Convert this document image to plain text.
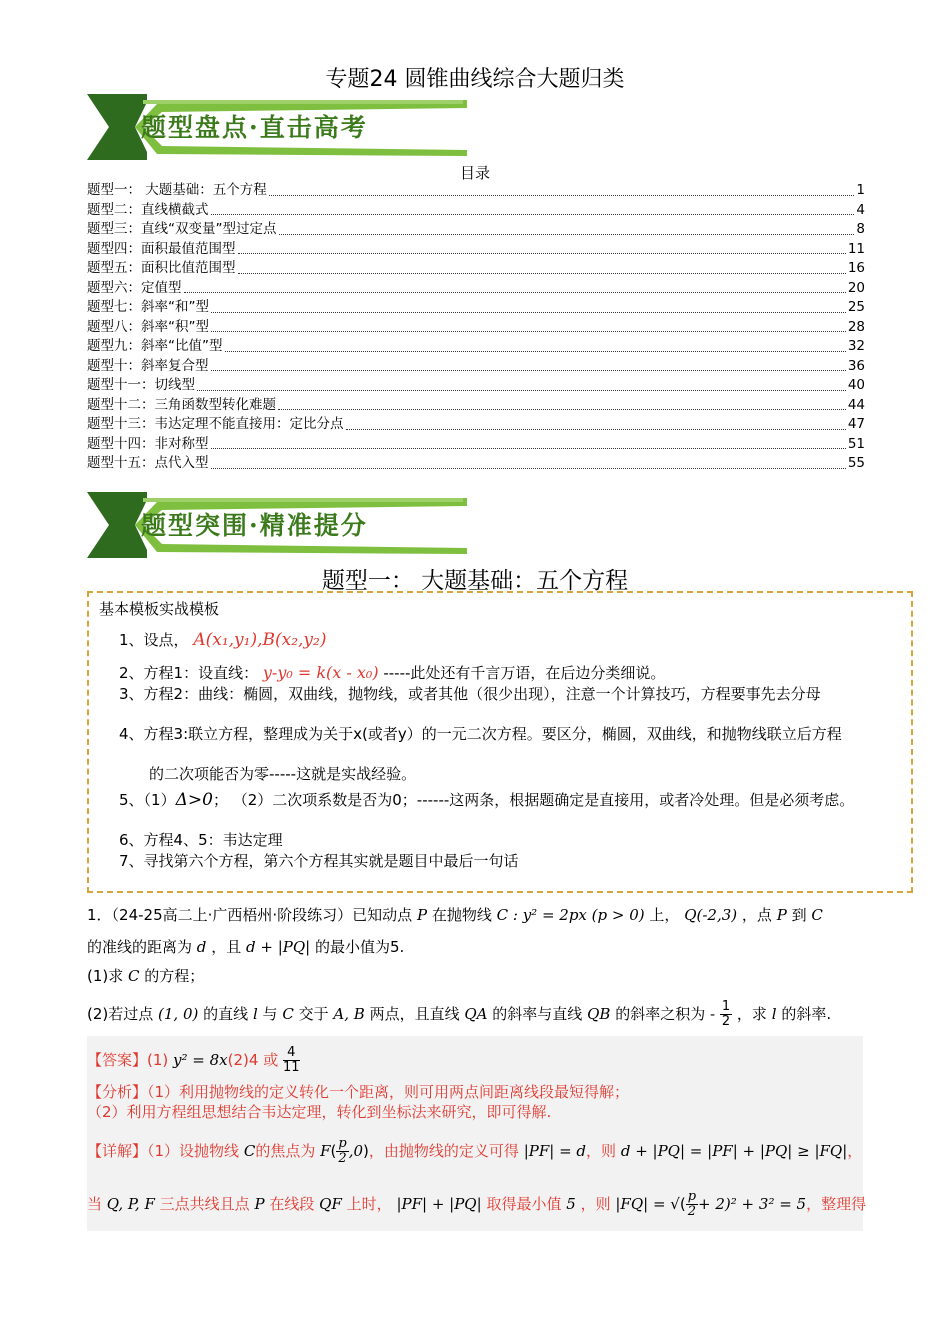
专题24 圆锥曲线综合大题归类
题型盘点·直击高考
目录
题型一： 大题基础：五个方程	1
题型二：直线横截式	4
题型三：直线“双变量”型过定点	8
题型四：面积最值范围型	11
题型五：面积比值范围型	16
题型六：定值型	20
题型七：斜率“和”型	25
题型八：斜率“积”型	28
题型九：斜率“比值”型	32
题型十：斜率复合型	36
题型十一：切线型	40
题型十二：三角函数型转化难题	44
题型十三：韦达定理不能直接用：定比分点	47
题型十四：非对称型	51
题型十五：点代入型	55
题型突围·精准提分
题型一： 大题基础：五个方程
基本模板实战模板
1、设点， A(x₁,y₁),B(x₂,y₂)
2、方程1：设直线： y-y₀ = k(x - x₀) -----此处还有千言万语，在后边分类细说。
3、方程2：曲线：椭圆，双曲线，抛物线，或者其他（很少出现），注意一个计算技巧，方程要事先去分母
4、方程3:联立方程，整理成为关于x(或者y）的一元二次方程。要区分，椭圆，双曲线，和抛物线联立后方程
的二次项能否为零-----这就是实战经验。
5、（1）Δ>0； （2）二次项系数是否为0；------这两条，根据题确定是直接用，或者冷处理。但是必须考虑。
6、方程4、5：韦达定理
7、寻找第六个方程，第六个方程其实就是题目中最后一句话
1．（24-25高二上·广西梧州·阶段练习）已知动点 P 在抛物线 C : y² = 2px (p > 0) 上， Q(-2,3) ，点 P 到 C
的准线的距离为 d ，且 d + |PQ| 的最小值为5.
(1)求 C 的方程；
(2)若过点 (1, 0) 的直线 l 与 C 交于 A, B 两点，且直线 QA 的斜率与直线 QB 的斜率之积为 - $\frac{1}{2}$ ，求 l 的斜率.
【答案】(1) y² = 8x(2)4 或 $\frac{4}{11}$
【分析】（1）利用抛物线的定义转化一个距离，则可用两点间距离线段最短得解；
（2）利用方程组思想结合韦达定理，转化到坐标法来研究，即可得解.
【详解】（1）设抛物线 C的焦点为 $F( \frac{p}{2} ,0)$，由抛物线的定义可得 |PF| = d，则 d + |PQ| = |PF| + |PQ| ≥ |FQ|，
当 Q, P, F 三点共线且点 P 在线段 QF 上时， |PF| + |PQ| 取得最小值 5 ，则 |FQ| = √( $\frac{p}{2} + 2)^2 + 3^2 = 5$，整理得
